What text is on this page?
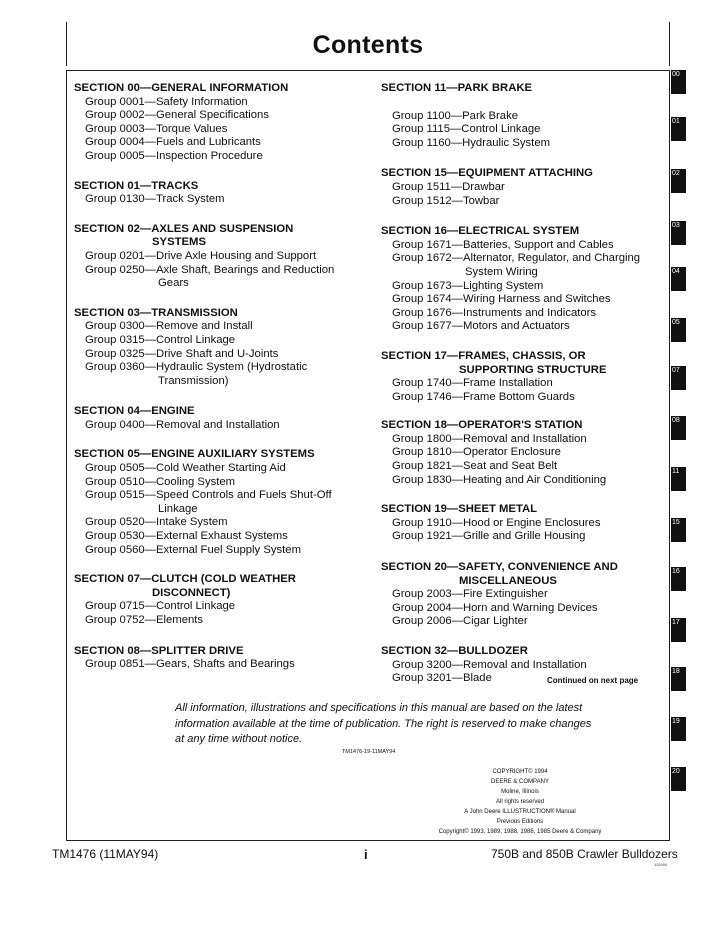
Contents
SECTION 00—GENERAL INFORMATION
Group 0001—Safety Information
Group 0002—General Specifications
Group 0003—Torque Values
Group 0004—Fuels and Lubricants
Group 0005—Inspection Procedure
SECTION 01—TRACKS
Group 0130—Track System
SECTION 02—AXLES AND SUSPENSION
SYSTEMS
Group 0201—Drive Axle Housing and Support
Group 0250—Axle Shaft, Bearings and Reduction
Gears
SECTION 03—TRANSMISSION
Group 0300—Remove and Install
Group 0315—Control Linkage
Group 0325—Drive Shaft and U-Joints
Group 0360—Hydraulic System (Hydrostatic
Transmission)
SECTION 04—ENGINE
Group 0400—Removal and Installation
SECTION 05—ENGINE AUXILIARY SYSTEMS
Group 0505—Cold Weather Starting Aid
Group 0510—Cooling System
Group 0515—Speed Controls and Fuels Shut-Off
Linkage
Group 0520—Intake System
Group 0530—External Exhaust Systems
Group 0560—External Fuel Supply System
SECTION 07—CLUTCH (COLD WEATHER
DISCONNECT)
Group 0715—Control Linkage
Group 0752—Elements
SECTION 08—SPLITTER DRIVE
Group 0851—Gears, Shafts and Bearings
SECTION 11—PARK BRAKE
Group 1100—Park Brake
Group 1115—Control Linkage
Group 1160—Hydraulic System
SECTION 15—EQUIPMENT ATTACHING
Group 1511—Drawbar
Group 1512—Towbar
SECTION 16—ELECTRICAL SYSTEM
Group 1671—Batteries, Support and Cables
Group 1672—Alternator, Regulator, and Charging
System Wiring
Group 1673—Lighting System
Group 1674—Wiring Harness and Switches
Group 1676—Instruments and Indicators
Group 1677—Motors and Actuators
SECTION 17—FRAMES, CHASSIS, OR
SUPPORTING STRUCTURE
Group 1740—Frame Installation
Group 1746—Frame Bottom Guards
SECTION 18—OPERATOR'S STATION
Group 1800—Removal and Installation
Group 1810—Operator Enclosure
Group 1821—Seat and Seat Belt
Group 1830—Heating and Air Conditioning
SECTION 19—SHEET METAL
Group 1910—Hood or Engine Enclosures
Group 1921—Grille and Grille Housing
SECTION 20—SAFETY, CONVENIENCE AND
MISCELLANEOUS
Group 2003—Fire Extinguisher
Group 2004—Horn and Warning Devices
Group 2006—Cigar Lighter
SECTION 32—BULLDOZER
Group 3200—Removal and Installation
Group 3201—Blade
00
01
02
03
04
05
07
08
11
15
16
17
18
19
20
Continued on next page
All information, illustrations and specifications in this manual are based on the latest information available at the time of publication. The right is reserved to make changes at any time without notice.
TM1476-19-11MAY94
COPYRIGHT© 1994
DEERE & COMPANY
Moline, Illinois
All rights reserved
A John Deere ILLUSTRUCTION® Manual
Previous Editions
Copyright© 1993, 1989, 1988, 1986, 1985 Deere & Company
TM1476 (11MAY94)	i	750B and 850B Crawler Bulldozers
110594
